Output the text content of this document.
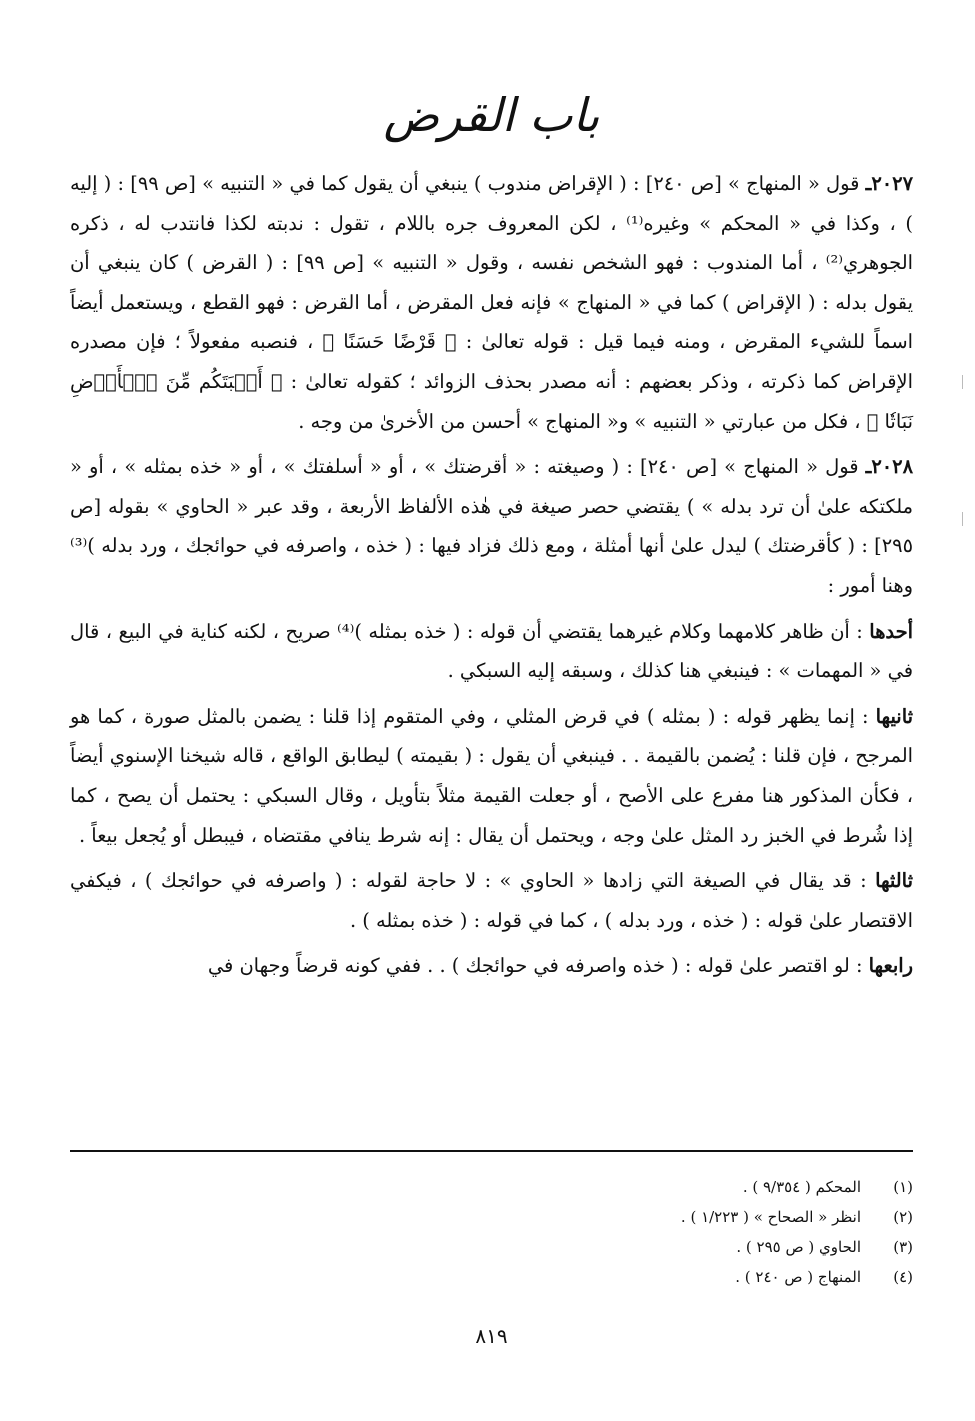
باب القرض

٢٠٢٧ـ قول « المنهاج » [ص ٢٤٠] : ( الإقراض مندوب ) ينبغي أن يقول كما في « التنبيه » [ص ٩٩] : ( إليه ) ، وكذا في « المحكم » وغيره⁽¹⁾ ، لكن المعروف جره باللام ، تقول : ندبته لكذا فانتدب له ، ذكره الجوهري⁽²⁾ ، أما المندوب : فهو الشخص نفسه ، وقول « التنبيه » [ص ٩٩] : ( القرض ) كان ينبغي أن يقول بدله : ( الإقراض ) كما في « المنهاج » فإنه فعل المقرض ، أما القرض : فهو القطع ، ويستعمل أيضاً اسماً للشيء المقرض ، ومنه فيما قيل : قوله تعالىٰ : ﴿ قَرْضًا حَسَنًا ﴾ ، فنصبه مفعولاً ؛ فإن مصدره الإقراض كما ذكرته ، وذكر بعضهم : أنه مصدر بحذف الزوائد ؛ كقوله تعالىٰ : ﴿ أَنۢبَتَكُم مِّنَ ٱلۡأَرۡضِ نَبَاتٗا ﴾ ، فكل من عبارتي « التنبيه » و« المنهاج » أحسن من الأخرىٰ من وجه .

٢٠٢٨ـ قول « المنهاج » [ص ٢٤٠] : ( وصيغته : « أقرضتك » ، أو « أسلفتك » ، أو « خذه بمثله » ، أو « ملكتكه علىٰ أن ترد بدله » ) يقتضي حصر صيغة في هٰذه الألفاظ الأربعة ، وقد عبر « الحاوي » بقوله [ص ٢٩٥] : ( كأقرضتك ) ليدل علىٰ أنها أمثلة ، ومع ذلك فزاد فيها : ( خذه ، واصرفه في حوائجك ، ورد بدله )⁽³⁾ وهنا أمور :

أحدها : أن ظاهر كلامهما وكلام غيرهما يقتضي أن قوله : ( خذه بمثله )⁽⁴⁾ صريح ، لكنه كناية في البيع ، قال في « المهمات » : فينبغي هنا كذلك ، وسبقه إليه السبكي .

ثانيها : إنما يظهر قوله : ( بمثله ) في قرض المثلي ، وفي المتقوم إذا قلنا : يضمن بالمثل صورة ، كما هو المرجح ، فإن قلنا : يُضمن بالقيمة . . فينبغي أن يقول : ( بقيمته ) ليطابق الواقع ، قاله شيخنا الإسنوي أيضاً ، فكأن المذكور هنا مفرع على الأصح ، أو جعلت القيمة مثلاً بتأويل ، وقال السبكي : يحتمل أن يصح ، كما إذا شُرط في الخبز رد المثل علىٰ وجه ، ويحتمل أن يقال : إنه شرط ينافي مقتضاه ، فيبطل أو يُجعل بيعاً .

ثالثها : قد يقال في الصيغة التي زادها « الحاوي » : لا حاجة لقوله : ( واصرفه في حوائجك ) ، فيكفي الاقتصار علىٰ قوله : ( خذه ، ورد بدله ) ، كما في قوله : ( خذه بمثله ) .

رابعها : لو اقتصر علىٰ قوله : ( خذه واصرفه في حوائجك ) . . ففي كونه قرضاً وجهان في

(١)
المحكم ( ٩/٣٥٤ ) .
(٢)
انظر « الصحاح » ( ١/٢٢٣ ) .
(٣)
الحاوي ( ص ٢٩٥ ) .
(٤)
المنهاج ( ص ٢٤٠ ) .
٨١٩
